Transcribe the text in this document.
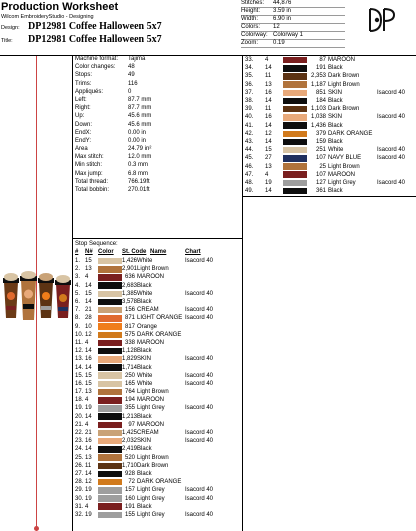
Production Worksheet
Wilcom EmbroideryStudio - Designing
Design: DP12981 Coffee Halloween 5x7
Title: DP12981 Coffee Halloween 5x7
Stitches:	44,876
Height:	3.59 in
Width:	6.90 in
Colors:	12
Colorway: Colorway 1
Zoom:	0.19
Machine format:	Tajima
Color changes:	48
Stops:	49
Trims:	116
Appliqués:	0
Left:	87.7 mm
Right:	87.7 mm
Up:	45.6 mm
Down:	45.6 mm
EndX:	0.00 in
EndY:	0.00 in
Area	24.79 in²
Max stitch:	12.0 mm
Min stitch:	0.3 mm
Max jump:	6.8 mm
Total thread:	766.19ft
Total bobbin:	270.01ft
33.	4	87 MAROON
34.	14	191 Black
35.	11	2,353 Dark Brown
36.	13	1,187 Light Brown
37.	16	851 SKIN	Isacord 40
38.	14	184 Black
39.	11	1,103 Dark Brown
40.	16	1,038 SKIN	Isacord 40
41.	14	1,436 Black
42.	12	379 DARK ORANGE
43.	14	159 Black
44.	15	251 White	Isacord 40
45.	27	107 NAVY BLUE	Isacord 40
46.	13	25 Light Brown
47.	4	107 MAROON
48.	19	127 Light Grey	Isacord 40
49.	14	361 Black
Stop Sequence:
#	N# Color	St. Code Name	Chart
1. 15	1,426 White	Isacord 40
2. 13	2,901 Light Brown
3. 4	636 MAROON
4. 14	2,683 Black
5. 15	1,385 White	Isacord 40
6. 14	3,578 Black
7. 21	156 CREAM	Isacord 40
8. 28	871 LIGHT ORANGE Isacord 40
9. 10	817 Orange
10. 12	575 DARK ORANGE
11. 4	338 MAROON
12. 14	1,128 Black
13. 16	1,829 SKIN	Isacord 40
14. 14	1,714 Black
15. 15	250 White	Isacord 40
16. 15	165 White	Isacord 40
17. 13	764 Light Brown
18. 4	194 MAROON
19. 19	355 Light Grey	Isacord 40
20. 14	1,213 Black
21. 4	97 MAROON
22. 21	1,425 CREAM	Isacord 40
23. 16	2,032 SKIN	Isacord 40
24. 14	2,419 Black
25. 13	520 Light Brown
26. 11	1,710 Dark Brown
27. 14	928 Black
28. 12	72 DARK ORANGE
29. 19	157 Light Grey	Isacord 40
30. 19	160 Light Grey	Isacord 40
31. 4	191 Black
32. 19	155 Light Grey	Isacord 40
